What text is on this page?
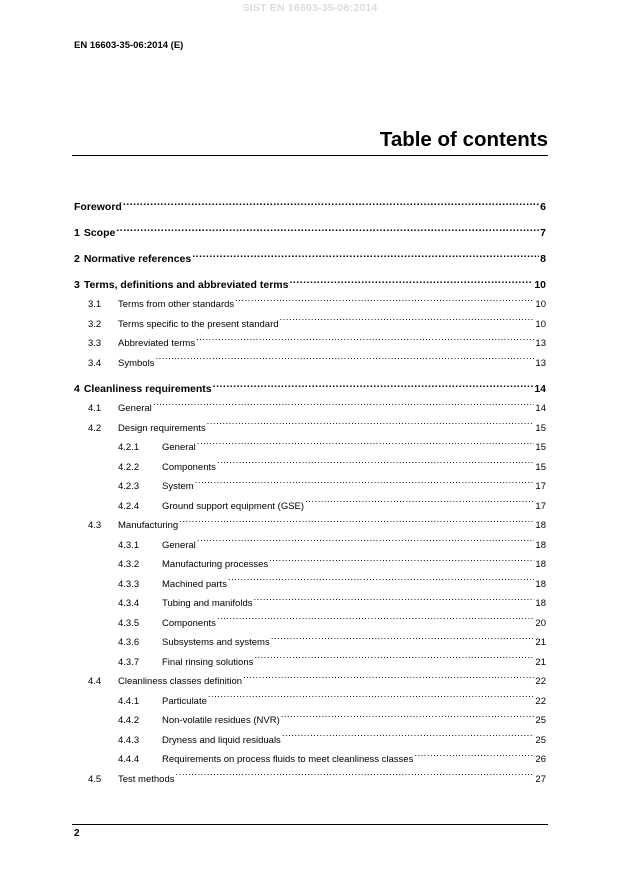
SIST EN 16603-35-06:2014
EN 16603-35-06:2014 (E)
Table of contents
Foreword .....	6
1 Scope .....	7
2 Normative references .....	8
3 Terms, definitions and abbreviated terms .....	10
3.1	Terms from other standards .....	10
3.2	Terms specific to the present standard .....	10
3.3	Abbreviated terms .....	13
3.4	Symbols .....	13
4 Cleanliness requirements .....	14
4.1	General .....	14
4.2	Design requirements .....	15
4.2.1	General .....	15
4.2.2	Components .....	15
4.2.3	System .....	17
4.2.4	Ground support equipment (GSE) .....	17
4.3	Manufacturing .....	18
4.3.1	General .....	18
4.3.2	Manufacturing processes .....	18
4.3.3	Machined parts .....	18
4.3.4	Tubing and manifolds .....	18
4.3.5	Components .....	20
4.3.6	Subsystems and systems .....	21
4.3.7	Final rinsing solutions .....	21
4.4	Cleanliness classes definition .....	22
4.4.1	Particulate .....	22
4.4.2	Non-volatile residues (NVR) .....	25
4.4.3	Dryness and liquid residuals .....	25
4.4.4	Requirements on process fluids to meet cleanliness classes .....	26
4.5	Test methods .....	27
2
